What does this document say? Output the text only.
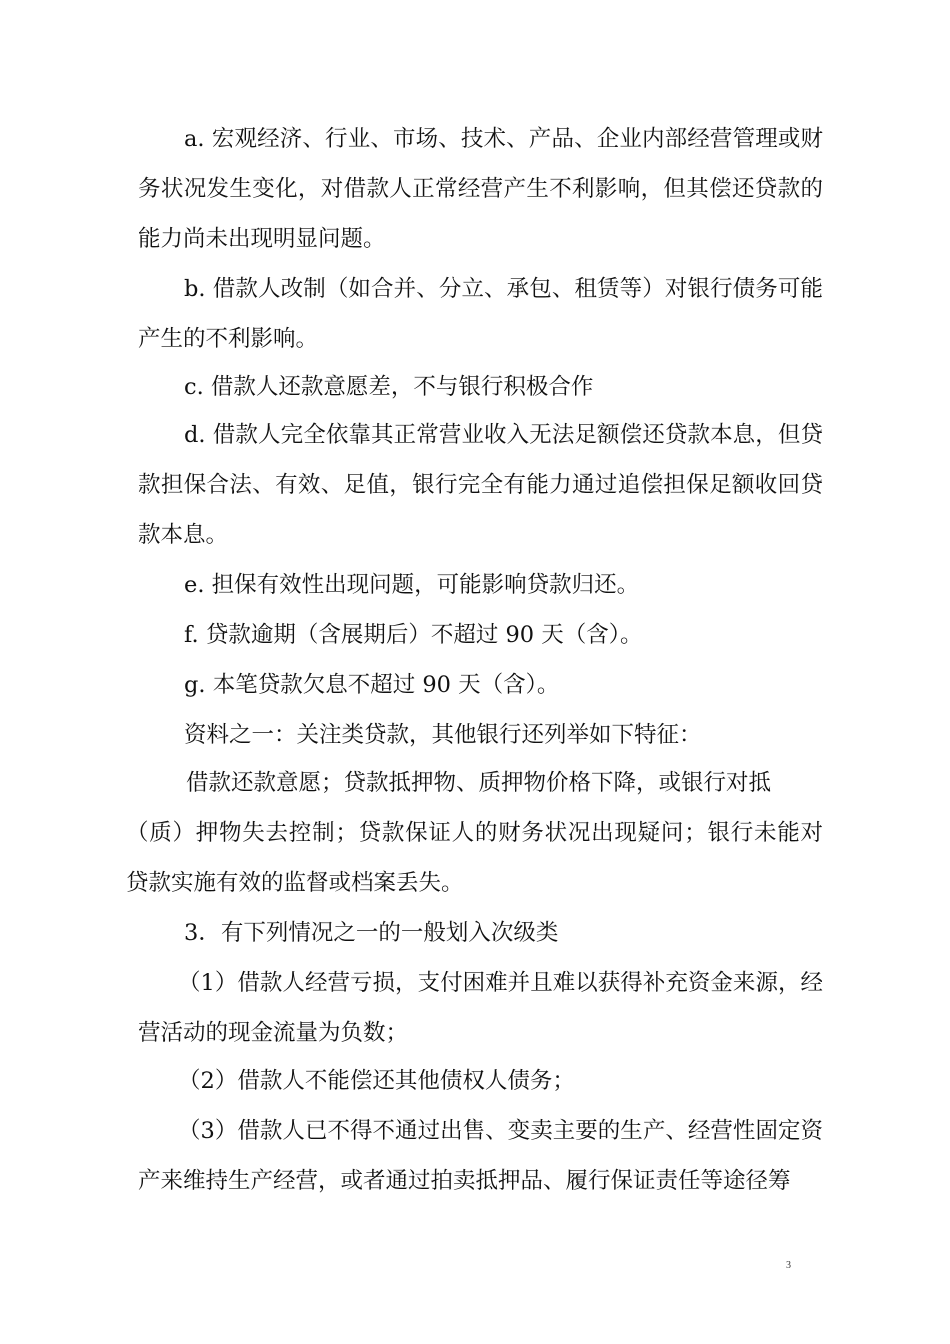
a. 宏观经济、行业、市场、技术、产品、企业内部经营管理或财务状况发生变化，对借款人正常经营产生不利影响，但其偿还贷款的能力尚未出现明显问题。

b. 借款人改制（如合并、分立、承包、租赁等）对银行债务可能产生的不利影响。

c. 借款人还款意愿差，不与银行积极合作

d. 借款人完全依靠其正常营业收入无法足额偿还贷款本息，但贷款担保合法、有效、足值，银行完全有能力通过追偿担保足额收回贷款本息。

e. 担保有效性出现问题，可能影响贷款归还。

f. 贷款逾期（含展期后）不超过 90 天（含）。

g. 本笔贷款欠息不超过 90 天（含）。

资料之一：关注类贷款，其他银行还列举如下特征：

借款还款意愿；贷款抵押物、质押物价格下降，或银行对抵

（质）押物失去控制；贷款保证人的财务状况出现疑问；银行未能对贷款实施有效的监督或档案丢失。

3．有下列情况之一的一般划入次级类

（1）借款人经营亏损，支付困难并且难以获得补充资金来源，经营活动的现金流量为负数；

（2）借款人不能偿还其他债权人债务；

（3）借款人已不得不通过出售、变卖主要的生产、经营性固定资产来维持生产经营，或者通过拍卖抵押品、履行保证责任等途径筹

3
